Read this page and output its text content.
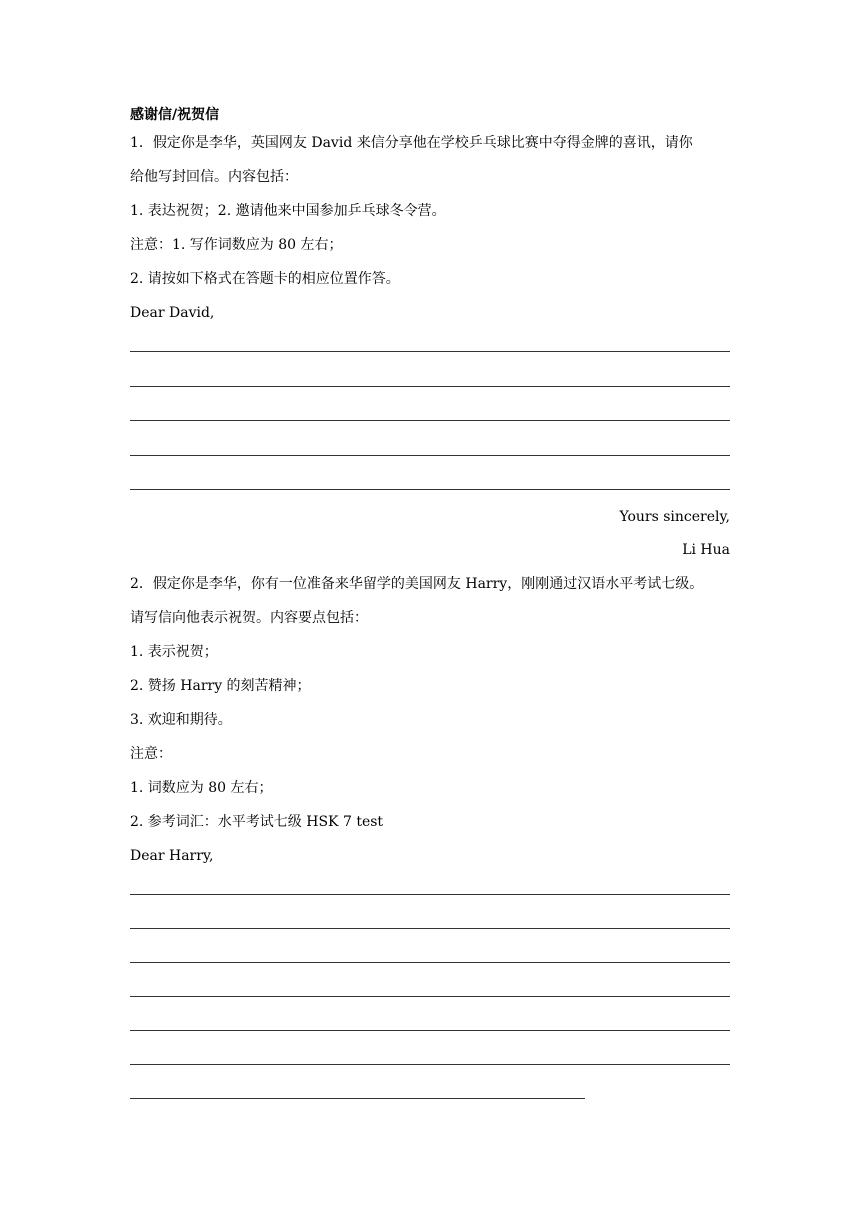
感谢信/祝贺信
1．假定你是李华，英国网友 David 来信分享他在学校乒乓球比赛中夺得金牌的喜讯，请你
给他写封回信。内容包括：
1. 表达祝贺；2. 邀请他来中国参加乒乓球冬令营。
注意：1. 写作词数应为 80 左右；
2. 请按如下格式在答题卡的相应位置作答。
Dear David,
Yours sincerely,
Li Hua
2．假定你是李华，你有一位准备来华留学的美国网友 Harry，刚刚通过汉语水平考试七级。
请写信向他表示祝贺。内容要点包括：
1. 表示祝贺；
2. 赞扬 Harry 的刻苦精神；
3. 欢迎和期待。
注意：
1. 词数应为 80 左右；
2. 参考词汇：水平考试七级 HSK 7 test
Dear Harry,
